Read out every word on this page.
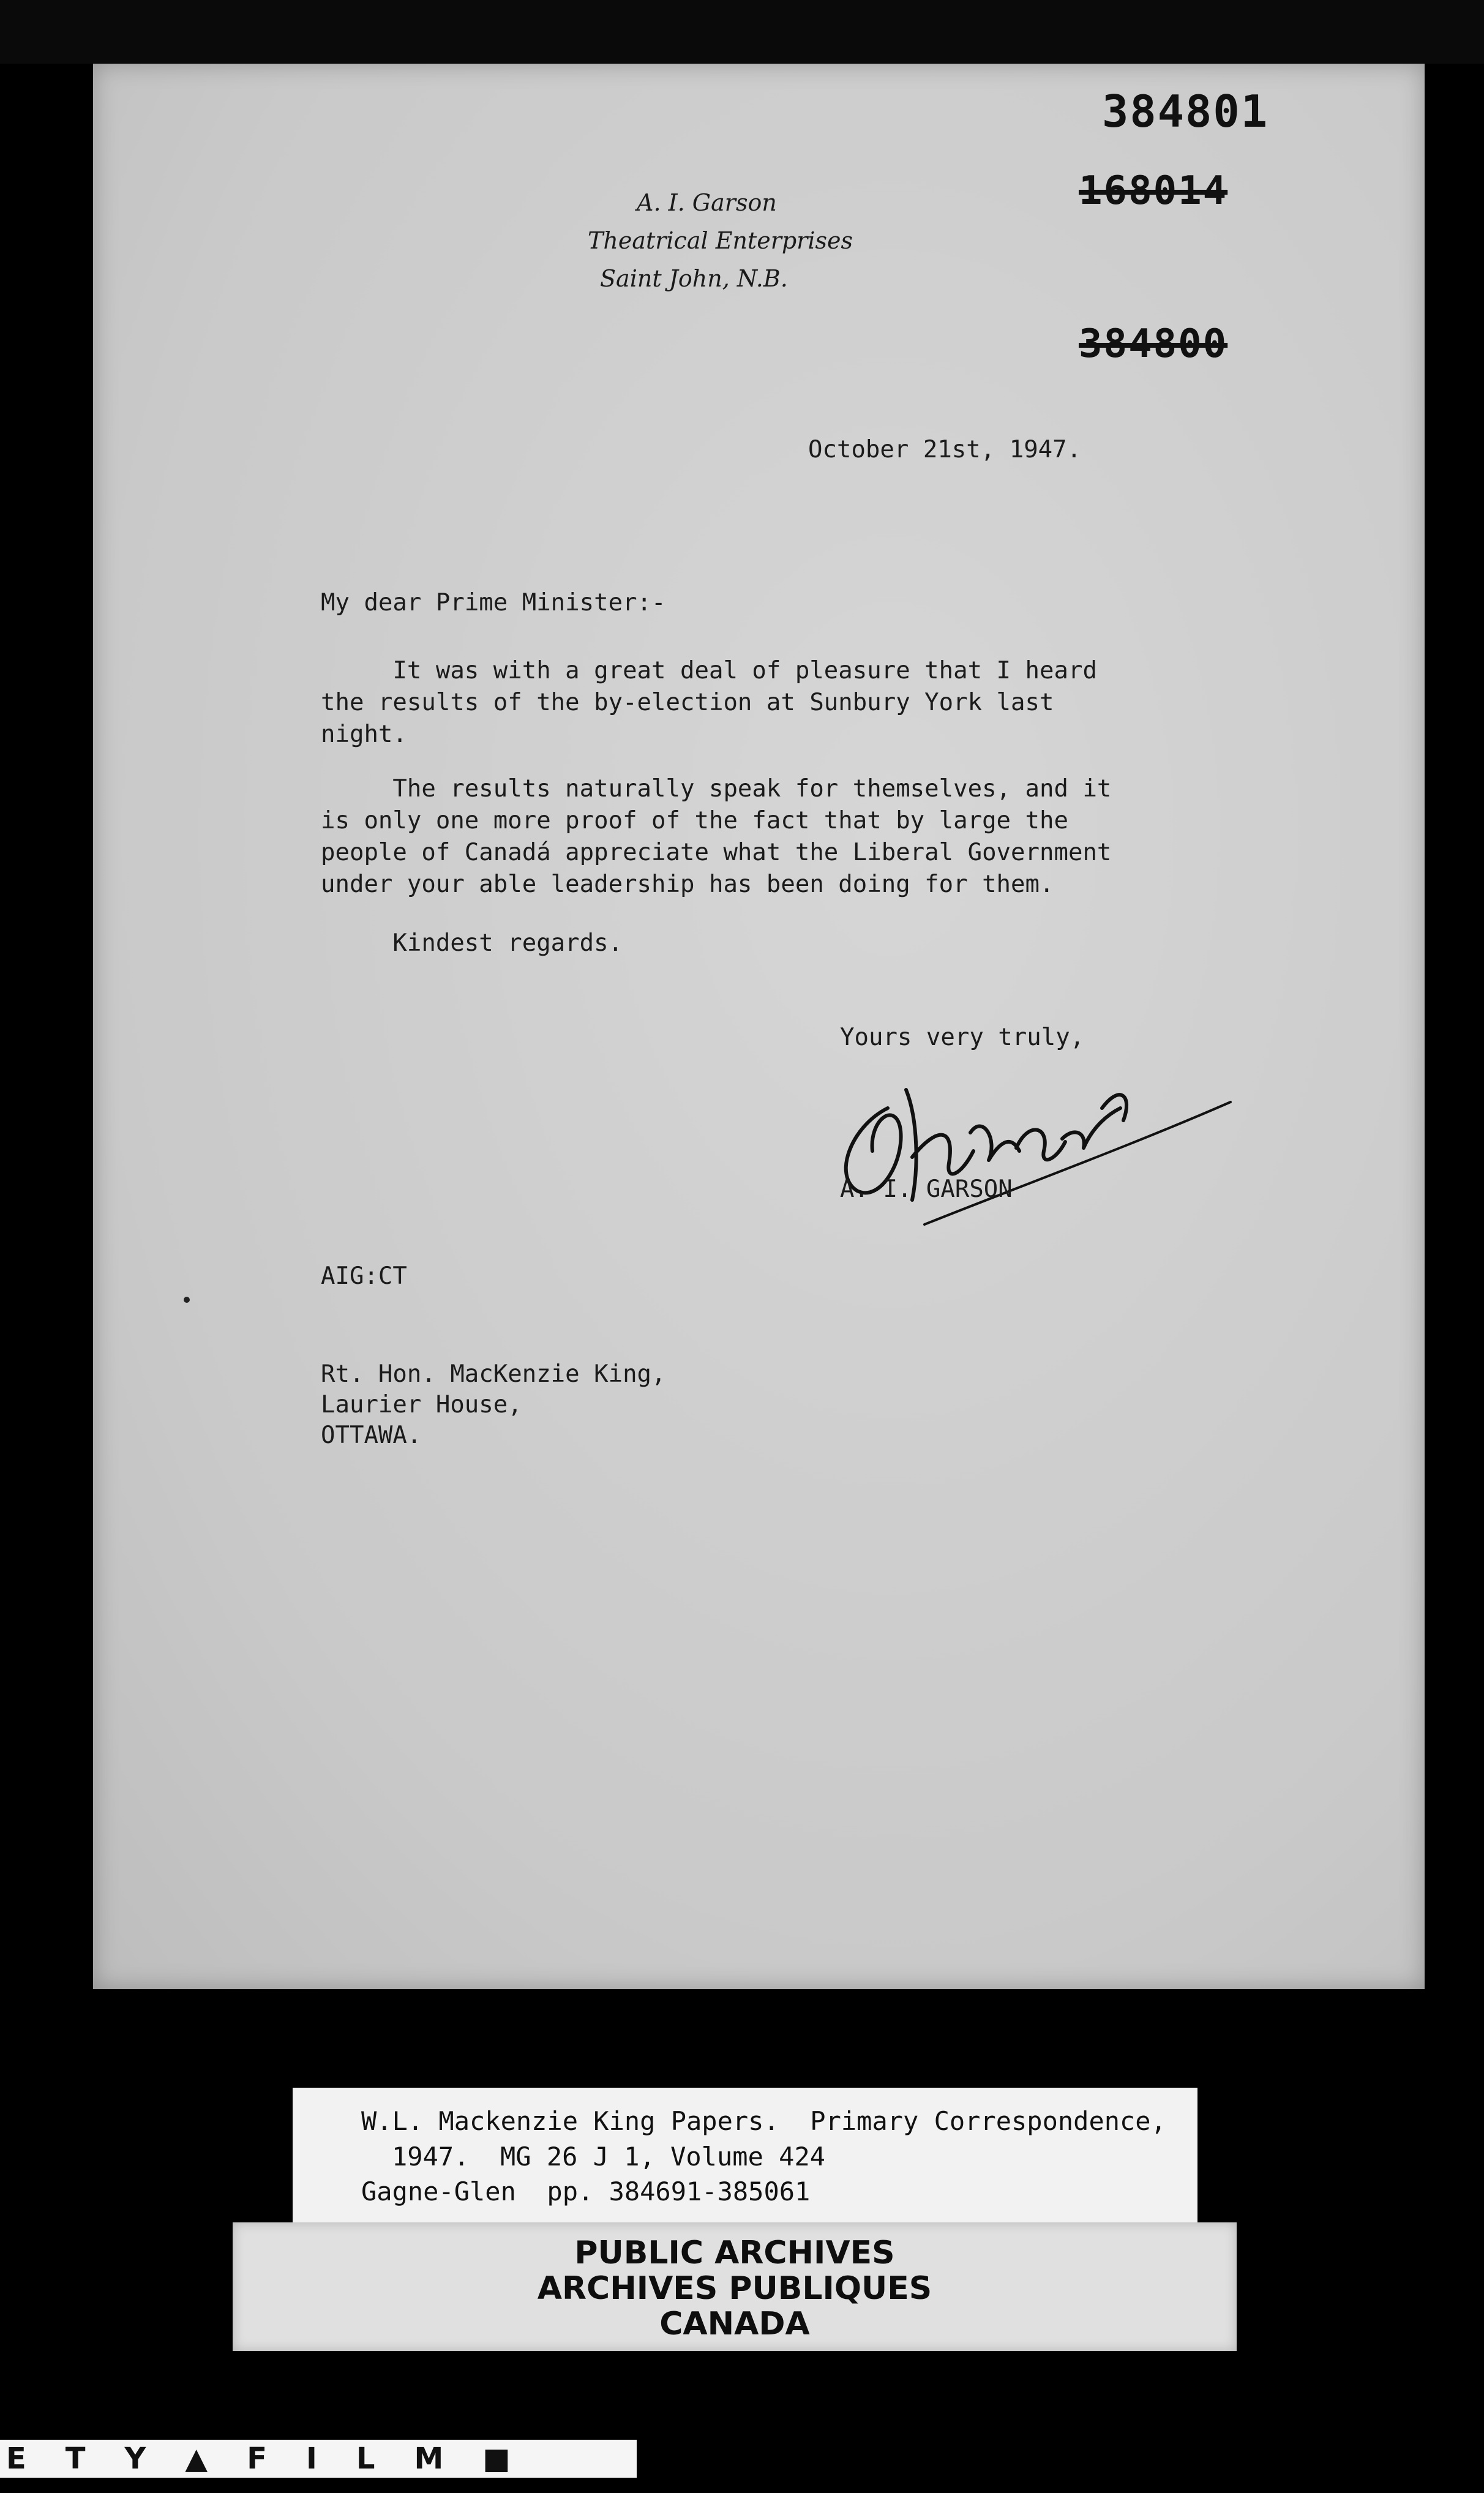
384801
168014
384800
A. I. Garson
Theatrical Enterprises
Saint John, N.B.
October 21st, 1947.
My dear Prime Minister:-
It was with a great deal of pleasure that I heard
the results of the by-election at Sunbury York last
night.
The results naturally speak for themselves, and it
is only one more proof of the fact that by large the
people of Canadá appreciate what the Liberal Government
under your able leadership has been doing for them.
Kindest regards.
Yours very truly,
A. I. GARSON
AIG:CT
Rt. Hon. MacKenzie King,
Laurier House,
OTTAWA.
W.L. Mackenzie King Papers.  Primary Correspondence,
1947.  MG 26 J 1, Volume 424
Gagne-Glen  pp. 384691-385061
PUBLIC ARCHIVES
ARCHIVES PUBLIQUES
CANADA
ETY▲FILM■
